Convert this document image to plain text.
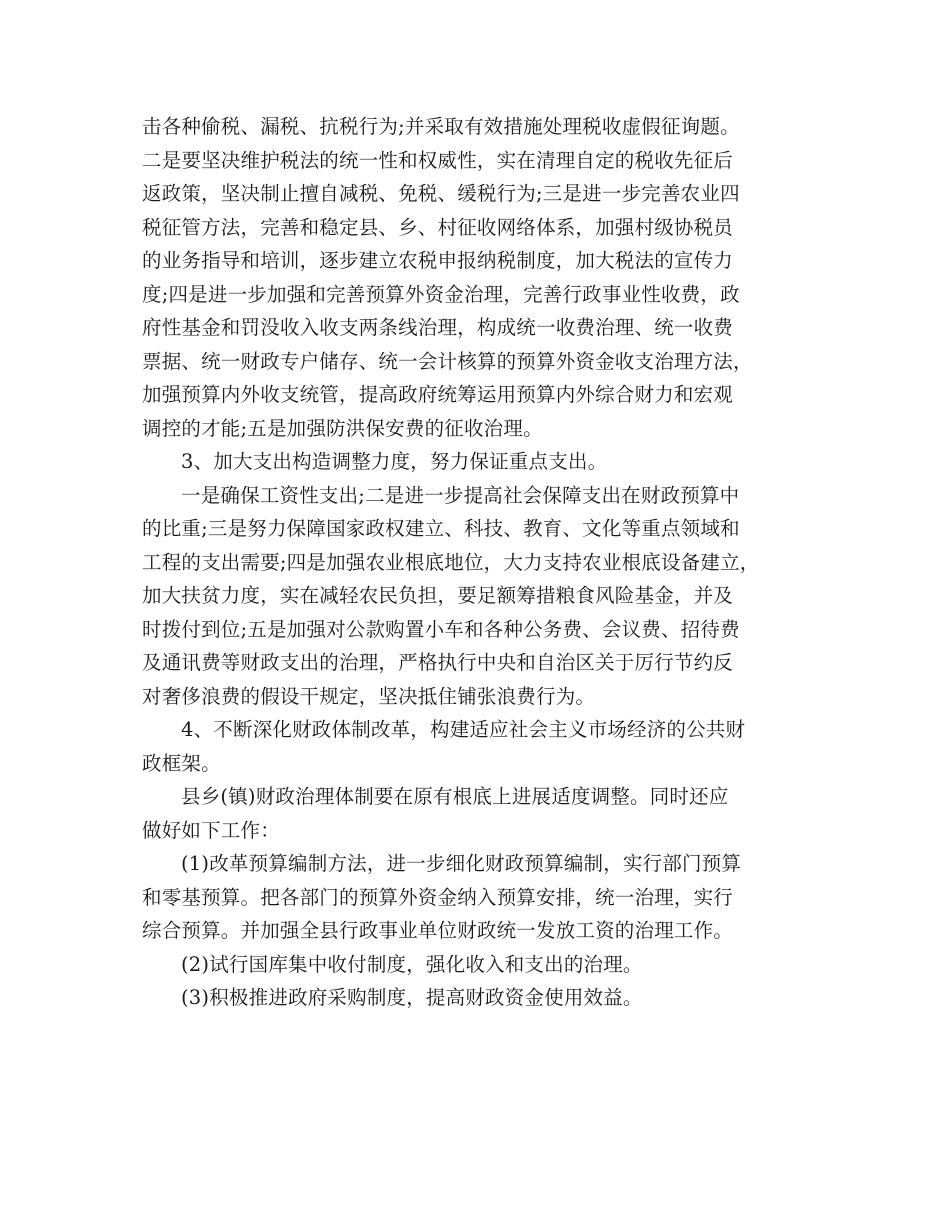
击各种偷税、漏税、抗税行为;并采取有效措施处理税收虚假征询题。
二是要坚决维护税法的统一性和权威性，实在清理自定的税收先征后
返政策，坚决制止擅自减税、免税、缓税行为;三是进一步完善农业四
税征管方法，完善和稳定县、乡、村征收网络体系，加强村级协税员
的业务指导和培训，逐步建立农税申报纳税制度，加大税法的宣传力
度;四是进一步加强和完善预算外资金治理，完善行政事业性收费，政
府性基金和罚没收入收支两条线治理，构成统一收费治理、统一收费
票据、统一财政专户储存、统一会计核算的预算外资金收支治理方法，
加强预算内外收支统管，提高政府统筹运用预算内外综合财力和宏观
调控的才能;五是加强防洪保安费的征收治理。
3、加大支出构造调整力度，努力保证重点支出。
一是确保工资性支出;二是进一步提高社会保障支出在财政预算中
的比重;三是努力保障国家政权建立、科技、教育、文化等重点领域和
工程的支出需要;四是加强农业根底地位，大力支持农业根底设备建立，
加大扶贫力度，实在减轻农民负担，要足额筹措粮食风险基金，并及
时拨付到位;五是加强对公款购置小车和各种公务费、会议费、招待费
及通讯费等财政支出的治理，严格执行中央和自治区关于厉行节约反
对奢侈浪费的假设干规定，坚决抵住铺张浪费行为。
4、不断深化财政体制改革，构建适应社会主义市场经济的公共财
政框架。
县乡(镇)财政治理体制要在原有根底上进展适度调整。同时还应
做好如下工作：
(1)改革预算编制方法，进一步细化财政预算编制，实行部门预算
和零基预算。把各部门的预算外资金纳入预算安排，统一治理，实行
综合预算。并加强全县行政事业单位财政统一发放工资的治理工作。
(2)试行国库集中收付制度，强化收入和支出的治理。
(3)积极推进政府采购制度，提高财政资金使用效益。
